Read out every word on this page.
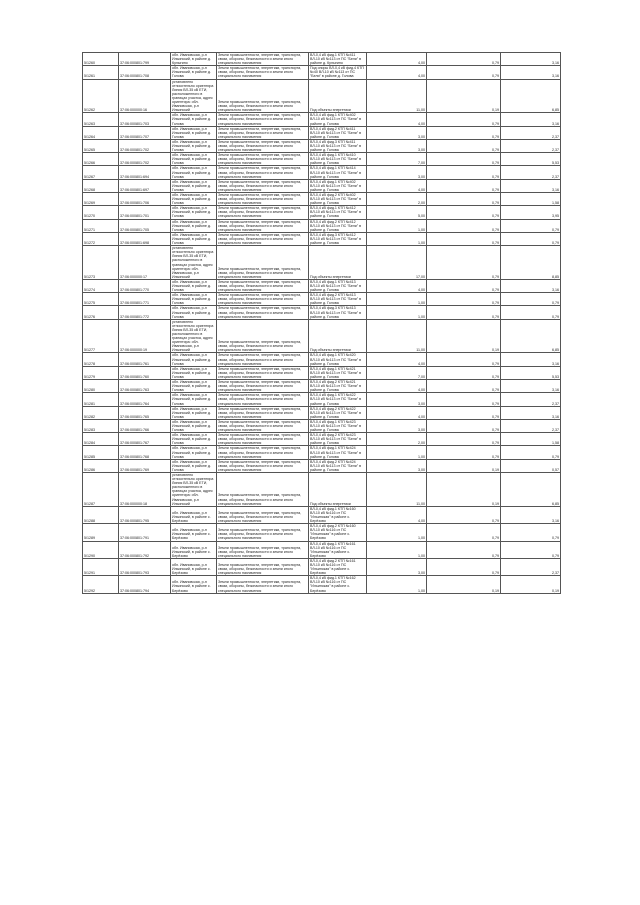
5/1260	37:06:000801:799	обл. Ивановская, р-н Ильинский, в районе д. Кулыгино	Земли промышленности, энергетики, транспорта, связи, обороны, безопасности и земли иного специального назначения	ВЛ-0,4 кВ фид.1 КТП №411 ВЛ-10 кВ №113 от ПС "Бели" в районе д. Кулыгино	4,00	0,79	3,16
5/1261	37:06:000801:708	обл. Ивановская, р-н Ильинский, в районе д. Голова	Земли промышленности, энергетики, транспорта, связи, обороны, безопасности и земли иного специального назначения	Под опоры ВЛ-0,4 кВ фид.4 КТП №40 ВЛ-10 кВ №113 от ПС "Бели" в районе д. Голова	4,00	0,79	3,16
5/1262	37:06:000000:16	установлено относительно ориентира Линия ВЛ-35 кВ ЕТИ, расположенного в границах участка, адрес ориентира: обл. Ивановская, р-н Ильинский	Земли промышленности, энергетики, транспорта, связи, обороны, безопасности и земли иного специального назначения	Под объекты энергетики	11,00	0,19	6,85
5/1263	37:06:000801:703	обл. Ивановская, р-н Ильинский, в районе д. Голова	Земли промышленности, энергетики, транспорта, связи, обороны, безопасности и земли иного специального назначения	ВЛ-0,4 кВ фид.1 КТП №402 ВЛ-10 кВ №113 от ПС "Бели" в районе д. Голова	4,00	0,79	3,16
5/1264	37:06:000801:707	обл. Ивановская, р-н Ильинский, в районе д. Голова	Земли промышленности, энергетики, транспорта, связи, обороны, безопасности и земли иного специального назначения	ВЛ-0,4 кВ фид.2 КТП №411 ВЛ-10 кВ №113 от ПС "Бели" в районе д. Голова	3,00	0,79	2,37
5/1265	37:06:000801:702	обл. Ивановская, р-н Ильинский, в районе д. Голова	Земли промышленности, энергетики, транспорта, связи, обороны, безопасности и земли иного специального назначения	ВЛ-0,4 кВ фид.3 КТП №411 ВЛ-10 кВ №113 от ПС "Бели" в районе д. Голова	3,00	0,79	2,37
5/1266	37:06:000801:702	обл. Ивановская, р-н Ильинский, в районе д. Голова	Земли промышленности, энергетики, транспорта, связи, обороны, безопасности и земли иного специального назначения	ВЛ-0,4 кВ фид.1 КТП №410 ВЛ-10 кВ №113 от ПС "Бели" в районе д. Голова	7,00	0,79	5,53
5/1267	37:06:000801:694	обл. Ивановская, р-н Ильинский, в районе д. Голова	Земли промышленности, энергетики, транспорта, связи, обороны, безопасности и земли иного специального назначения	ВЛ-0,4 кВ фид.1 КТП №414 ВЛ-10 кВ №113 от ПС "Бели" в районе д. Голова	3,00	0,79	2,37
5/1268	37:06:000801:697	обл. Ивановская, р-н Ильинский, в районе д. Голова	Земли промышленности, энергетики, транспорта, связи, обороны, безопасности и земли иного специального назначения	ВЛ-0,4 кВ фид.1 КТП №402 ВЛ-10 кВ №113 от ПС "Бели" в районе д. Голова	4,00	0,79	3,16
5/1269	37:06:000801:706	обл. Ивановская, р-н Ильинский, в районе д. Голова	Земли промышленности, энергетики, транспорта, связи, обороны, безопасности и земли иного специального назначения	ВЛ-0,4 кВ фид.2 КТП №402 ВЛ-10 кВ №113 от ПС "Бели" в районе д. Голова	2,00	0,79	1,58
5/1270	37:06:000801:701	обл. Ивановская, р-н Ильинский, в районе д. Голова	Земли промышленности, энергетики, транспорта, связи, обороны, безопасности и земли иного специального назначения	ВЛ-0,4 кВ фид.1 КТП №412 ВЛ-10 кВ №113 от ПС "Бели" в районе д. Голова	5,00	0,79	3,95
5/1271	37:06:000801:705	обл. Ивановская, р-н Ильинский, в районе д. Голова	Земли промышленности, энергетики, транспорта, связи, обороны, безопасности и земли иного специального назначения	ВЛ-0,4 кВ фид.2 КТП №412 ВЛ-10 кВ №113 от ПС "Бели" в районе д. Голова	1,00	0,79	0,79
5/1272	37:06:000801:698	обл. Ивановская, р-н Ильинский, в районе д. Голова	Земли промышленности, энергетики, транспорта, связи, обороны, безопасности и земли иного специального назначения	ВЛ-0,4 кВ фид.3 КТП №412 ВЛ-10 кВ №113 от ПС "Бели" в районе д. Голова	1,00	0,79	0,79
5/1273	37:06:000000:17	установлено относительно ориентира Линия ВЛ-35 кВ ЕТИ, расположенного в границах участка, адрес ориентира: обл. Ивановская, р-н Ильинский	Земли промышленности, энергетики, транспорта, связи, обороны, безопасности и земли иного специального назначения	Под объекты энергетики	17,00	0,79	8,85
5/1274	37:06:000801:770	обл. Ивановская, р-н Ильинский, в районе д. Голова	Земли промышленности, энергетики, транспорта, связи, обороны, безопасности и земли иного специального назначения	ВЛ-0,4 кВ фид.1 КТП №413 ВЛ-10 кВ №113 от ПС "Бели" в районе д. Голова	4,00	0,79	3,16
5/1275	37:06:000801:771	обл. Ивановская, р-н Ильинский, в районе д. Голова	Земли промышленности, энергетики, транспорта, связи, обороны, безопасности и земли иного специального назначения	ВЛ-0,4 кВ фид.2 КТП №413 ВЛ-10 кВ №113 от ПС "Бели" в районе д. Голова	1,00	0,79	0,79
5/1276	37:06:000801:772	обл. Ивановская, р-н Ильинский, в районе д. Голова	Земли промышленности, энергетики, транспорта, связи, обороны, безопасности и земли иного специального назначения	ВЛ-0,4 кВ фид.3 КТП №413 ВЛ-10 кВ №113 от ПС "Бели" в районе д. Голова	1,00	0,79	0,79
5/1277	37:06:000000:19	установлено относительно ориентира Линия ВЛ-35 кВ ЕТИ, расположенного в границах участка, адрес ориентира: обл. Ивановская, р-н Ильинский	Земли промышленности, энергетики, транспорта, связи, обороны, безопасности и земли иного специального назначения	Под объекты энергетики	11,00	0,19	6,85
5/1278	37:06:000801:761	обл. Ивановская, р-н Ильинский, в районе д. Голова	Земли промышленности, энергетики, транспорта, связи, обороны, безопасности и земли иного специального назначения	ВЛ-0,4 кВ фид.1 КТП №420 ВЛ-10 кВ №113 от ПС "Бели" в районе д. Голова	4,00	0,79	3,16
5/1279	37:06:000801:760	обл. Ивановская, р-н Ильинский, в районе д. Голова	Земли промышленности, энергетики, транспорта, связи, обороны, безопасности и земли иного специального назначения	ВЛ-0,4 кВ фид.1 КТП №421 ВЛ-10 кВ №113 от ПС "Бели" в районе д. Голова	7,00	0,79	5,53
5/1280	37:06:000801:763	обл. Ивановская, р-н Ильинский, в районе д. Голова	Земли промышленности, энергетики, транспорта, связи, обороны, безопасности и земли иного специального назначения	ВЛ-0,4 кВ фид.2 КТП №421 ВЛ-10 кВ №113 от ПС "Бели" в районе д. Голова	4,00	0,79	3,16
5/1281	37:06:000801:764	обл. Ивановская, р-н Ильинский, в районе д. Голова	Земли промышленности, энергетики, транспорта, связи, обороны, безопасности и земли иного специального назначения	ВЛ-0,4 кВ фид.1 КТП №422 ВЛ-10 кВ №113 от ПС "Бели" в районе д. Голова	3,00	0,79	2,37
5/1282	37:06:000801:765	обл. Ивановская, р-н Ильинский, в районе д. Голова	Земли промышленности, энергетики, транспорта, связи, обороны, безопасности и земли иного специального назначения	ВЛ-0,4 кВ фид.2 КТП №422 ВЛ-10 кВ №113 от ПС "Бели" в районе д. Голова	4,00	0,79	3,16
5/1283	37:06:000801:766	обл. Ивановская, р-н Ильинский, в районе д. Голова	Земли промышленности, энергетики, транспорта, связи, обороны, безопасности и земли иного специального назначения	ВЛ-0,4 кВ фид.1 КТП №423 ВЛ-10 кВ №113 от ПС "Бели" в районе д. Голова	3,00	0,79	2,37
5/1284	37:06:000801:767	обл. Ивановская, р-н Ильинский, в районе д. Голова	Земли промышленности, энергетики, транспорта, связи, обороны, безопасности и земли иного специального назначения	ВЛ-0,4 кВ фид.2 КТП №423 ВЛ-10 кВ №113 от ПС "Бели" в районе д. Голова	2,00	0,79	1,58
5/1285	37:06:000801:768	обл. Ивановская, р-н Ильинский, в районе д. Голова	Земли промышленности, энергетики, транспорта, связи, обороны, безопасности и земли иного специального назначения	ВЛ-0,4 кВ фид.1 КТП №424 ВЛ-10 кВ №113 от ПС "Бели" в районе д. Голова	1,00	0,79	0,79
5/1286	37:06:000801:769	обл. Ивановская, р-н Ильинский, в районе д. Голова	Земли промышленности, энергетики, транспорта, связи, обороны, безопасности и земли иного специального назначения	ВЛ-0,4 кВ фид.2 КТП №424 ВЛ-10 кВ №113 от ПС "Бели" в районе д. Голова	3,00	0,19	0,57
5/1287	37:06:000000:18	установлено относительно ориентира Линия ВЛ-35 кВ ЕТИ, расположенного в границах участка, адрес ориентира: обл. Ивановская, р-н Ильинский	Земли промышленности, энергетики, транспорта, связи, обороны, безопасности и земли иного специального назначения	Под объекты энергетики	11,00	0,19	6,85
5/1288	37:06:000801:795	обл. Ивановская, р-н Ильинский, в районе с. Берёзово	Земли промышленности, энергетики, транспорта, связи, обороны, безопасности и земли иного специального назначения	ВЛ-0,4 кВ фид.1 КТП №160 ВЛ-10 кВ №116 от ПС "Ильинская" в районе с. Берёзово	4,00	0,79	3,16
5/1289	37:06:000801:791	обл. Ивановская, р-н Ильинский, в районе с. Берёзово	Земли промышленности, энергетики, транспорта, связи, обороны, безопасности и земли иного специального назначения	ВЛ-0,4 кВ фид.2 КТП №160 ВЛ-10 кВ №116 от ПС "Ильинская" в районе с. Берёзово	1,00	0,79	0,79
5/1290	37:06:000801:792	обл. Ивановская, р-н Ильинский, в районе с. Берёзово	Земли промышленности, энергетики, транспорта, связи, обороны, безопасности и земли иного специального назначения	ВЛ-0,4 кВ фид.1 КТП №161 ВЛ-10 кВ №116 от ПС "Ильинская" в районе с. Берёзово	1,00	0,79	0,79
5/1291	37:06:000801:793	обл. Ивановская, р-н Ильинский, в районе с. Берёзово	Земли промышленности, энергетики, транспорта, связи, обороны, безопасности и земли иного специального назначения	ВЛ-0,4 кВ фид.2 КТП №161 ВЛ-10 кВ №116 от ПС "Ильинская" в районе с. Берёзово	3,00	0,79	2,37
5/1292	37:06:000801:794	обл. Ивановская, р-н Ильинский, в районе с. Берёзово	Земли промышленности, энергетики, транспорта, связи, обороны, безопасности и земли иного специального назначения	ВЛ-0,4 кВ фид.1 КТП №162 ВЛ-10 кВ №116 от ПС "Ильинская" в районе с. Берёзово	1,00	0,19	0,19
